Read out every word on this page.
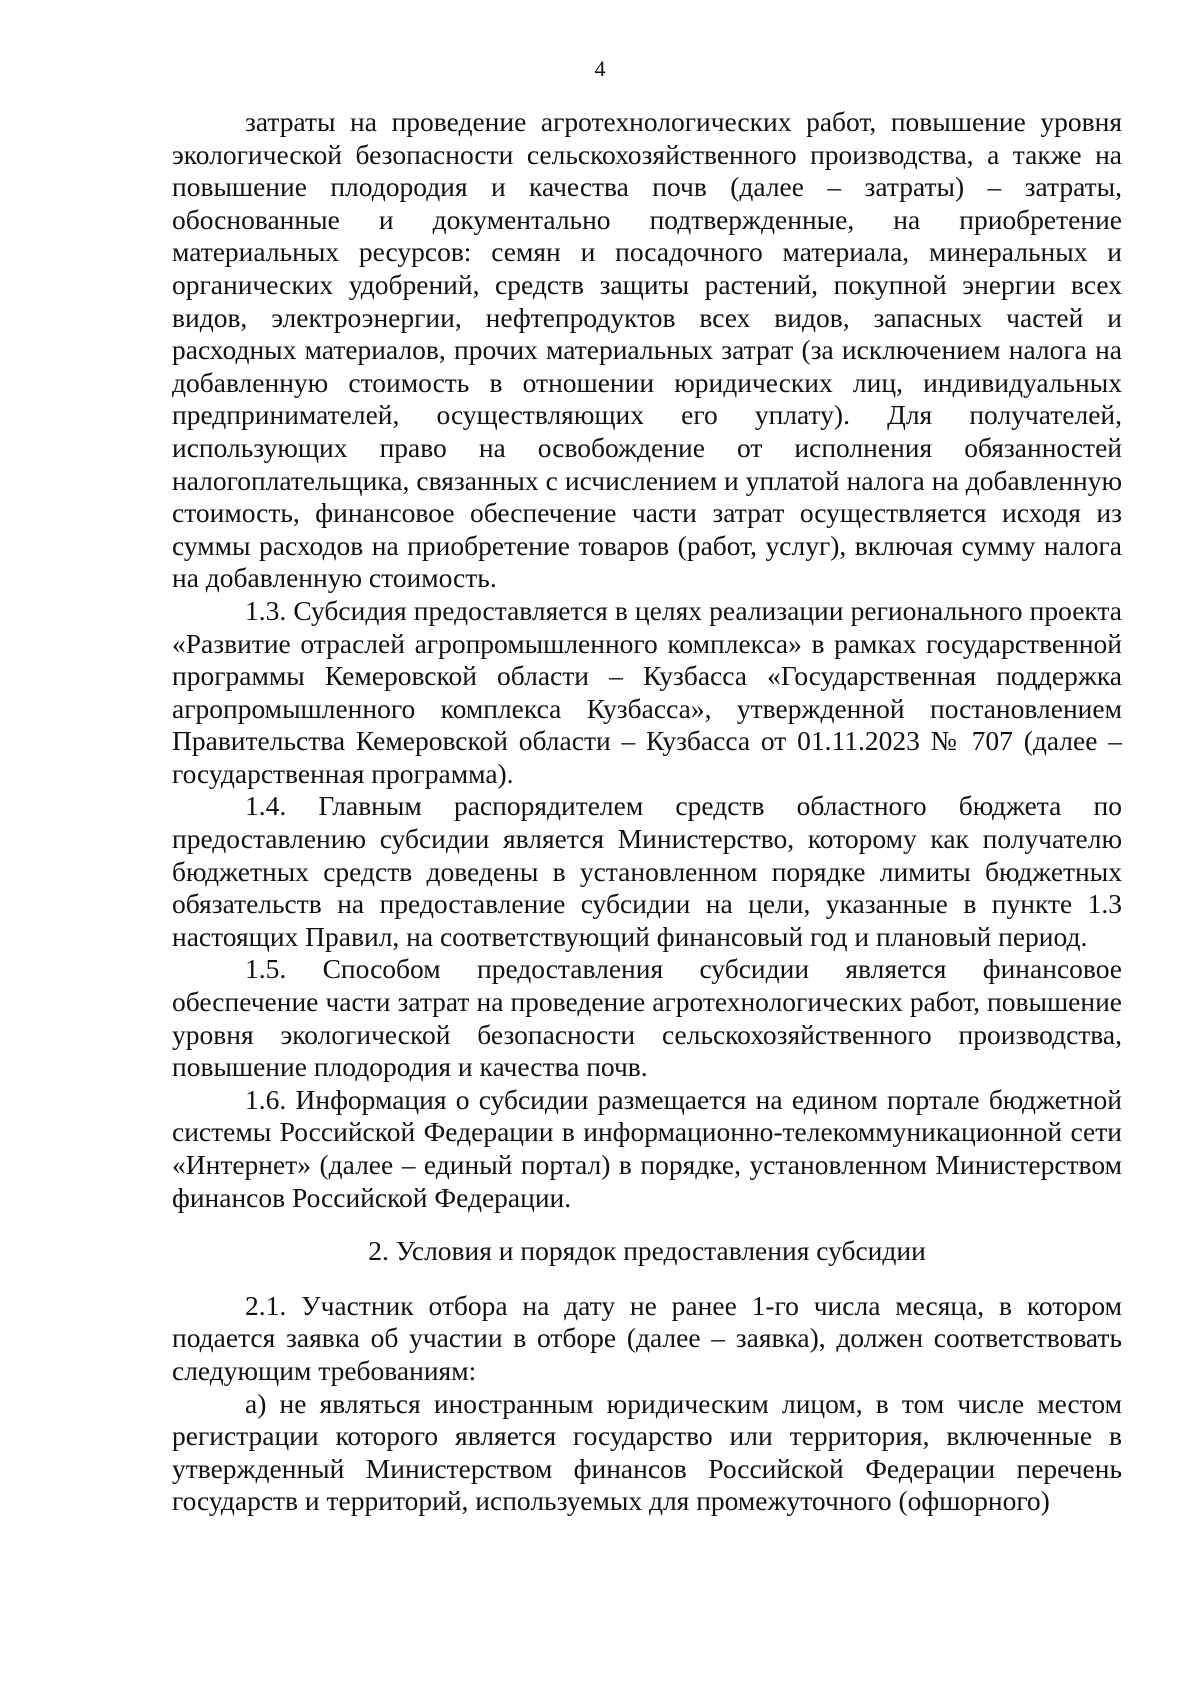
4

затраты на проведение агротехнологических работ, повышение уровня экологической безопасности сельскохозяйственного производства, а также на повышение плодородия и качества почв (далее – затраты) – затраты, обоснованные и документально подтвержденные, на приобретение материальных ресурсов: семян и посадочного материала, минеральных и органических удобрений, средств защиты растений, покупной энергии всех видов, электроэнергии, нефтепродуктов всех видов, запасных частей и расходных материалов, прочих материальных затрат (за исключением налога на добавленную стоимость в отношении юридических лиц, индивидуальных предпринимателей, осуществляющих его уплату). Для получателей, использующих право на освобождение от исполнения обязанностей налогоплательщика, связанных с исчислением и уплатой налога на добавленную стоимость, финансовое обеспечение части затрат осуществляется исходя из суммы расходов на приобретение товаров (работ, услуг), включая сумму налога на добавленную стоимость.

1.3. Субсидия предоставляется в целях реализации регионального проекта «Развитие отраслей агропромышленного комплекса» в рамках государственной программы Кемеровской области – Кузбасса «Государственная поддержка агропромышленного комплекса Кузбасса», утвержденной постановлением Правительства Кемеровской области – Кузбасса от 01.11.2023 № 707 (далее – государственная программа).

1.4. Главным распорядителем средств областного бюджета по предоставлению субсидии является Министерство, которому как получателю бюджетных средств доведены в установленном порядке лимиты бюджетных обязательств на предоставление субсидии на цели, указанные в пункте 1.3 настоящих Правил, на соответствующий финансовый год и плановый период.

1.5. Способом предоставления субсидии является финансовое обеспечение части затрат на проведение агротехнологических работ, повышение уровня экологической безопасности сельскохозяйственного производства, повышение плодородия и качества почв.

1.6. Информация о субсидии размещается на едином портале бюджетной системы Российской Федерации в информационно-телекоммуникационной сети «Интернет» (далее – единый портал) в порядке, установленном Министерством финансов Российской Федерации.

2. Условия и порядок предоставления субсидии

2.1. Участник отбора на дату не ранее 1-го числа месяца, в котором подается заявка об участии в отборе (далее – заявка), должен соответствовать следующим требованиям:

а) не являться иностранным юридическим лицом, в том числе местом регистрации которого является государство или территория, включенные в утвержденный Министерством финансов Российской Федерации перечень государств и территорий, используемых для промежуточного (офшорного)
